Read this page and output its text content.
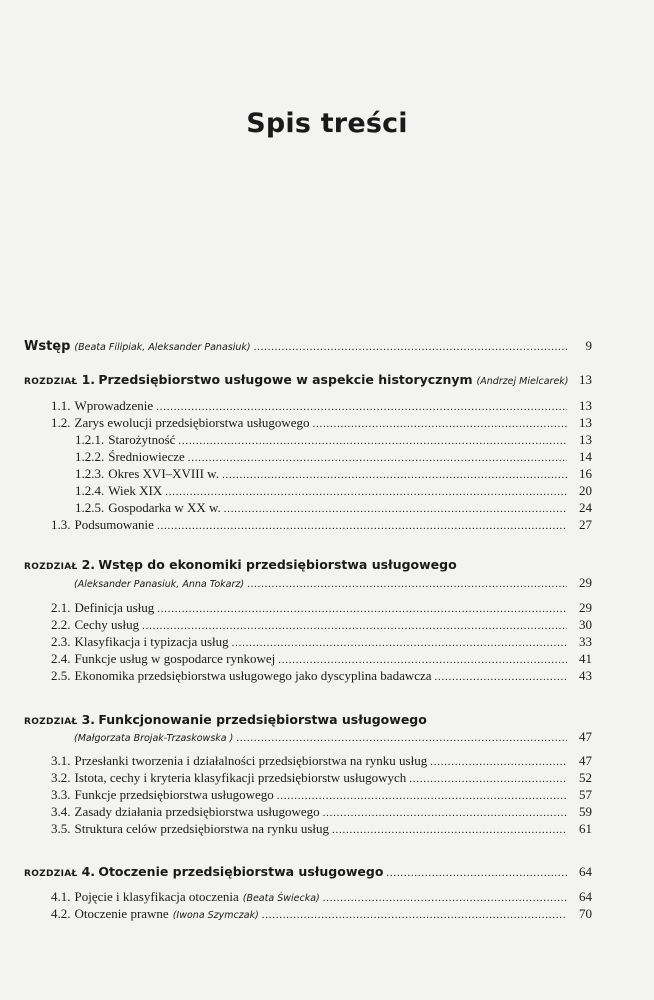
Spis treści
Wstęp (Beata Filipiak, Aleksander Panasiuk) . . .	9
ROZDZIAŁ 1.
Przedsiębiorstwo usługowe w aspekcie historycznym (Andrzej Mielcarek) 13
1.1. Wprowadzenie . . .	13
1.2. Zarys ewolucji przedsiębiorstwa usługowego . . .	13
1.2.1. Starożytność . . .	13
1.2.2. Średniowiecze . . .	14
1.2.3. Okres XVI–XVIII w. . . .	16
1.2.4. Wiek XIX . . .	20
1.2.5. Gospodarka w XX w. . . .	24
1.3. Podsumowanie . . .	27
ROZDZIAŁ 2.
Wstęp do ekonomiki przedsiębiorstwa usługowego
(Aleksander Panasiuk, Anna Tokarz) . . .	29
2.1. Definicja usług . . .	29
2.2. Cechy usług . . .	30
2.3. Klasyfikacja i typizacja usług . . .	33
2.4. Funkcje usług w gospodarce rynkowej . . .	41
2.5. Ekonomika przedsiębiorstwa usługowego jako dyscyplina badawcza . . .	43
ROZDZIAŁ 3.
Funkcjonowanie przedsiębiorstwa usługowego
(Małgorzata Brojak-Trzaskowska ) . . .	47
3.1. Przesłanki tworzenia i działalności przedsiębiorstwa na rynku usług . . .	47
3.2. Istota, cechy i kryteria klasyfikacji przedsiębiorstw usługowych . . .	52
3.3. Funkcje przedsiębiorstwa usługowego . . .	57
3.4. Zasady działania przedsiębiorstwa usługowego . . .	59
3.5. Struktura celów przedsiębiorstwa na rynku usług . . .	61
ROZDZIAŁ 4.
Otoczenie przedsiębiorstwa usługowego . . .	64
4.1. Pojęcie i klasyfikacja otoczenia (Beata Świecka) . . .	64
4.2. Otoczenie prawne (Iwona Szymczak) . . .	70
